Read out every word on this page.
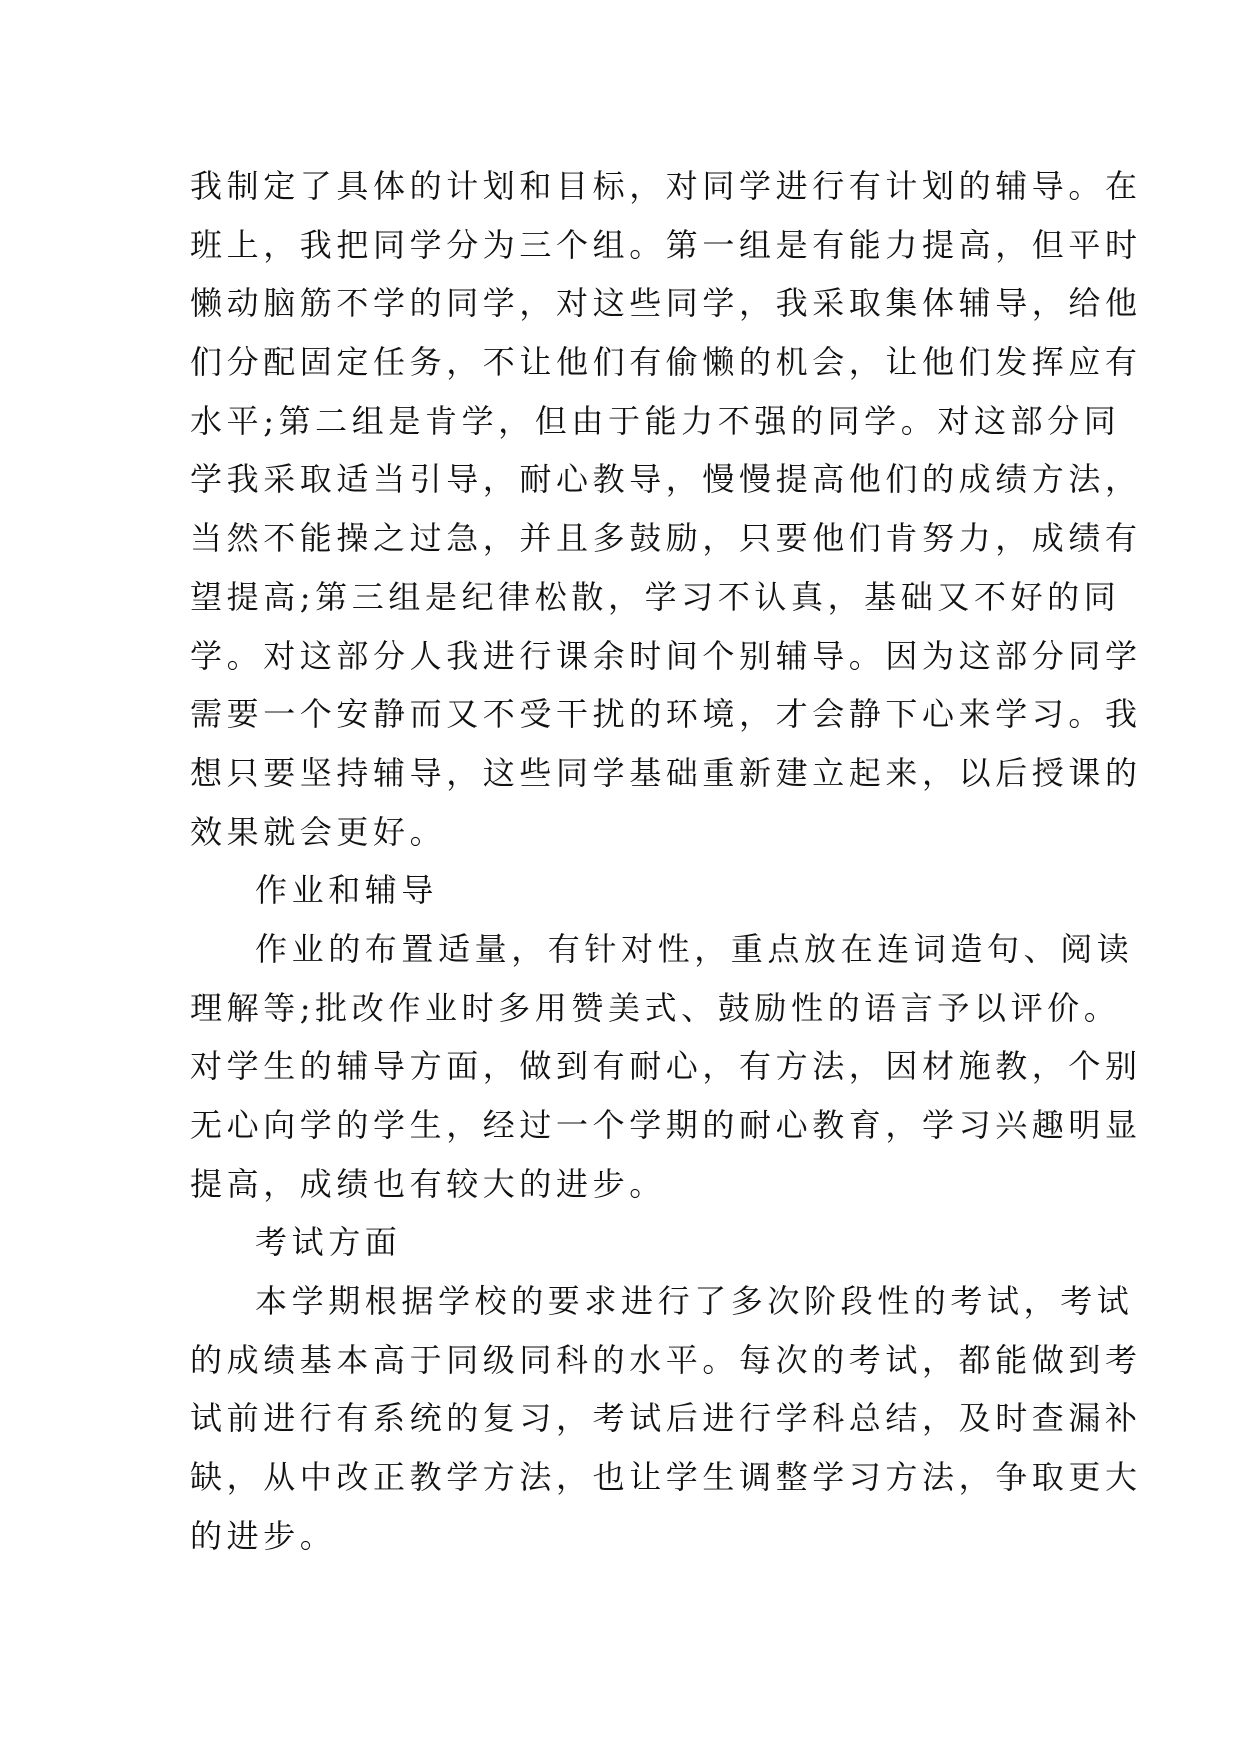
我制定了具体的计划和目标，对同学进行有计划的辅导。在
班上，我把同学分为三个组。第一组是有能力提高，但平时
懒动脑筋不学的同学，对这些同学，我采取集体辅导，给他
们分配固定任务，不让他们有偷懒的机会，让他们发挥应有
水平;第二组是肯学，但由于能力不强的同学。对这部分同
学我采取适当引导，耐心教导，慢慢提高他们的成绩方法，
当然不能操之过急，并且多鼓励，只要他们肯努力，成绩有
望提高;第三组是纪律松散，学习不认真，基础又不好的同
学。对这部分人我进行课余时间个别辅导。因为这部分同学
需要一个安静而又不受干扰的环境，才会静下心来学习。我
想只要坚持辅导，这些同学基础重新建立起来，以后授课的
效果就会更好。
作业和辅导
作业的布置适量，有针对性，重点放在连词造句、阅读
理解等;批改作业时多用赞美式、鼓励性的语言予以评价。
对学生的辅导方面，做到有耐心，有方法，因材施教，个别
无心向学的学生，经过一个学期的耐心教育，学习兴趣明显
提高，成绩也有较大的进步。
考试方面
本学期根据学校的要求进行了多次阶段性的考试，考试
的成绩基本高于同级同科的水平。每次的考试，都能做到考
试前进行有系统的复习，考试后进行学科总结，及时查漏补
缺，从中改正教学方法，也让学生调整学习方法，争取更大
的进步。
